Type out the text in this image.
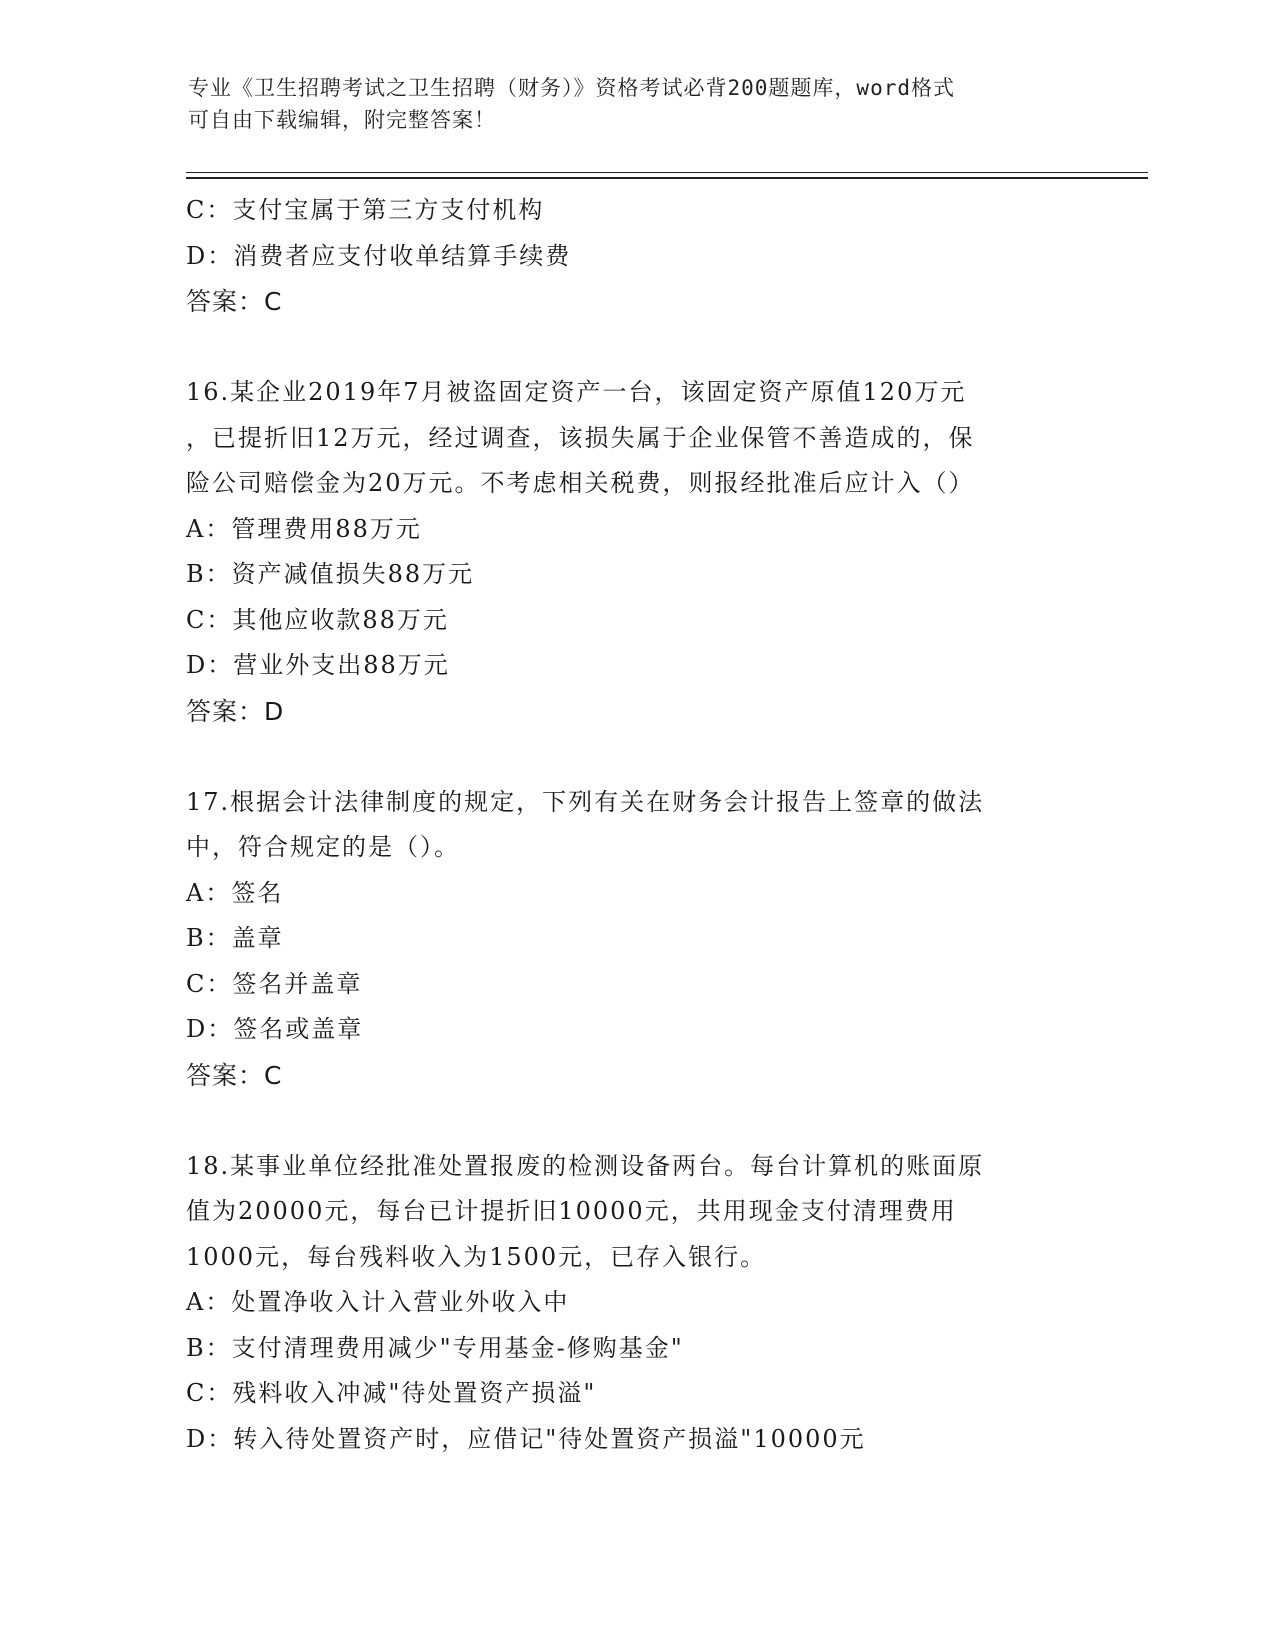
专业《卫生招聘考试之卫生招聘（财务）》资格考试必背200题题库，word格式
可自由下载编辑，附完整答案！
C：支付宝属于第三方支付机构
D：消费者应支付收单结算手续费
答案：C
16.某企业2019年7月被盗固定资产一台，该固定资产原值120万元
，已提折旧12万元，经过调查，该损失属于企业保管不善造成的，保
险公司赔偿金为20万元。不考虑相关税费，则报经批准后应计入（）
A：管理费用88万元
B：资产减值损失88万元
C：其他应收款88万元
D：营业外支出88万元
答案：D
17.根据会计法律制度的规定，下列有关在财务会计报告上签章的做法
中，符合规定的是（）。
A：签名
B：盖章
C：签名并盖章
D：签名或盖章
答案：C
18.某事业单位经批准处置报废的检测设备两台。每台计算机的账面原
值为20000元，每台已计提折旧10000元，共用现金支付清理费用
1000元，每台残料收入为1500元，已存入银行。
A：处置净收入计入营业外收入中
B：支付清理费用减少"专用基金-修购基金"
C：残料收入冲减"待处置资产损溢"
D：转入待处置资产时，应借记"待处置资产损溢"10000元
